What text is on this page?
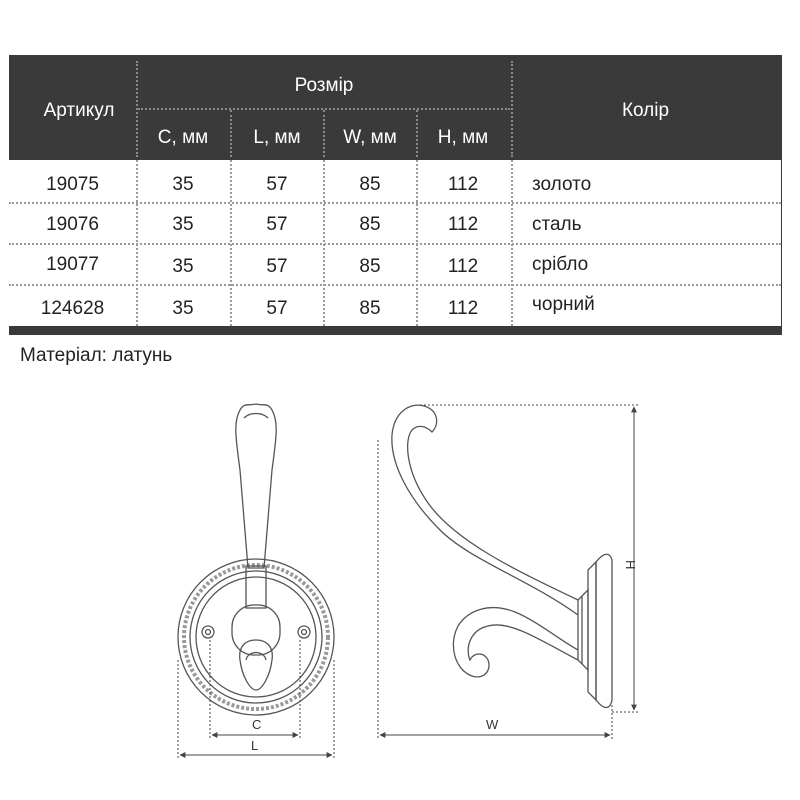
Артикул
Розмір
Колір
C, мм	L, мм	W, мм	H, мм
19075	35	57	85	112	золото
19076	35	57	85	112	сталь
19077	35	57	85	112	срібло
124628	35	57	85	112	чорний
Матеріал: латунь
C
L
W
H
